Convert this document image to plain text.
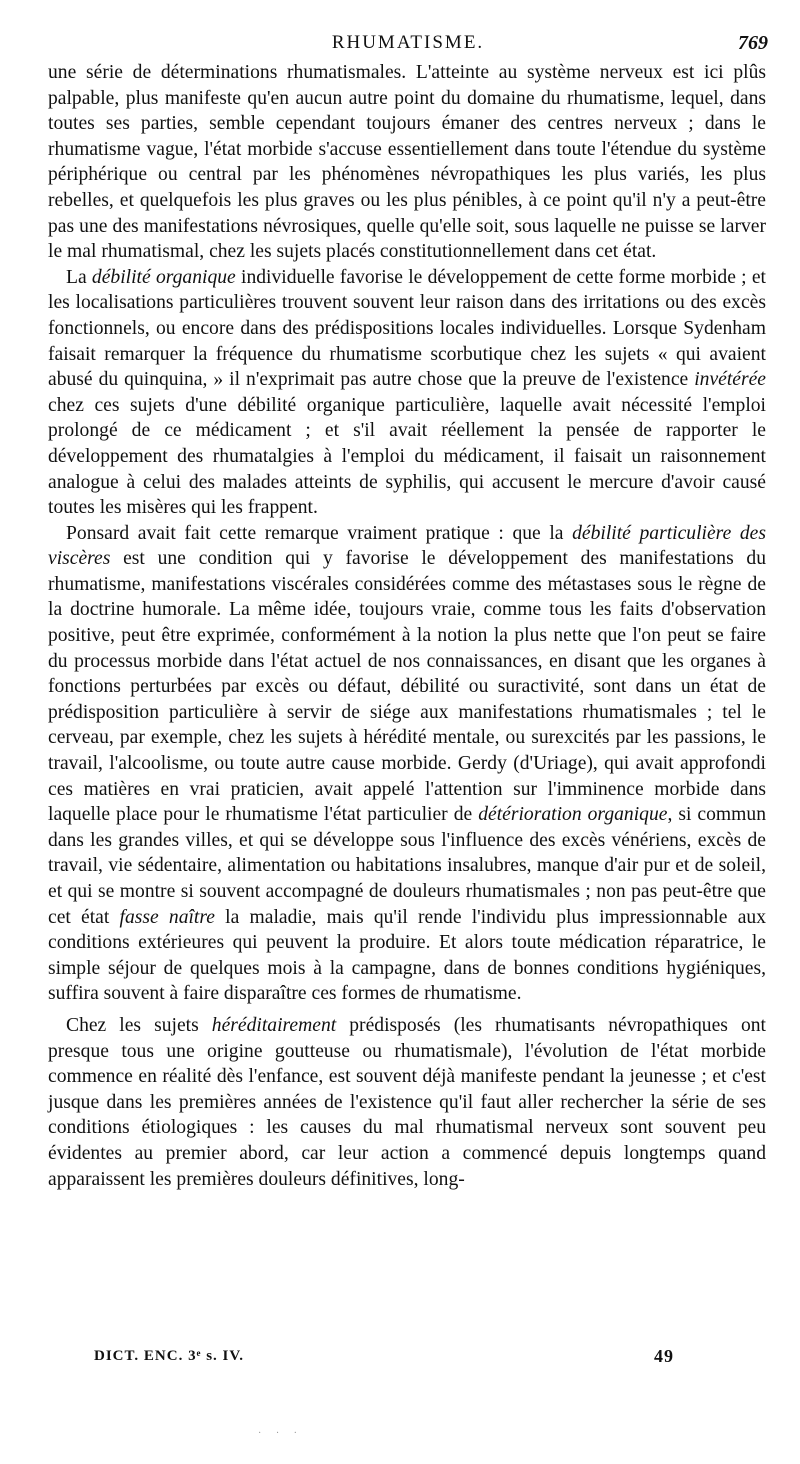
RHUMATISME.	769

une série de déterminations rhumatismales. L'atteinte au système nerveux est ici plûs palpable, plus manifeste qu'en aucun autre point du domaine du rhumatisme, lequel, dans toutes ses parties, semble cependant toujours émaner des centres nerveux ; dans le rhumatisme vague, l'état morbide s'accuse essentiellement dans toute l'étendue du système périphérique ou central par les phénomènes névropathiques les plus variés, les plus rebelles, et quelquefois les plus graves ou les plus pénibles, à ce point qu'il n'y a peut-être pas une des manifestations névrosiques, quelle qu'elle soit, sous laquelle ne puisse se larver le mal rhumatismal, chez les sujets placés constitutionnellement dans cet état.

La débilité organique individuelle favorise le développement de cette forme morbide ; et les localisations particulières trouvent souvent leur raison dans des irritations ou des excès fonctionnels, ou encore dans des prédispositions locales individuelles. Lorsque Sydenham faisait remarquer la fréquence du rhumatisme scorbutique chez les sujets « qui avaient abusé du quinquina, » il n'exprimait pas autre chose que la preuve de l'existence invétérée chez ces sujets d'une débilité organique particulière, laquelle avait nécessité l'emploi prolongé de ce médicament ; et s'il avait réellement la pensée de rapporter le développement des rhumatalgies à l'emploi du médicament, il faisait un raisonnement analogue à celui des malades atteints de syphilis, qui accusent le mercure d'avoir causé toutes les misères qui les frappent.

Ponsard avait fait cette remarque vraiment pratique : que la débilité particulière des viscères est une condition qui y favorise le développement des manifestations du rhumatisme, manifestations viscérales considérées comme des métastases sous le règne de la doctrine humorale. La même idée, toujours vraie, comme tous les faits d'observation positive, peut être exprimée, conformément à la notion la plus nette que l'on peut se faire du processus morbide dans l'état actuel de nos connaissances, en disant que les organes à fonctions perturbées par excès ou défaut, débilité ou suractivité, sont dans un état de prédisposition particulière à servir de siége aux manifestations rhumatismales ; tel le cerveau, par exemple, chez les sujets à hérédité mentale, ou surexcités par les passions, le travail, l'alcoolisme, ou toute autre cause morbide. Gerdy (d'Uriage), qui avait approfondi ces matières en vrai praticien, avait appelé l'attention sur l'imminence morbide dans laquelle place pour le rhumatisme l'état particulier de détérioration organique, si commun dans les grandes villes, et qui se développe sous l'influence des excès vénériens, excès de travail, vie sédentaire, alimentation ou habitations insalubres, manque d'air pur et de soleil, et qui se montre si souvent accompagné de douleurs rhumatismales ; non pas peut-être que cet état fasse naître la maladie, mais qu'il rende l'individu plus impressionnable aux conditions extérieures qui peuvent la produire. Et alors toute médication réparatrice, le simple séjour de quelques mois à la campagne, dans de bonnes conditions hygiéniques, suffira souvent à faire disparaître ces formes de rhumatisme.

Chez les sujets héréditairement prédisposés (les rhumatisants névropathiques ont presque tous une origine goutteuse ou rhumatismale), l'évolution de l'état morbide commence en réalité dès l'enfance, est souvent déjà manifeste pendant la jeunesse ; et c'est jusque dans les premières années de l'existence qu'il faut aller rechercher la série de ses conditions étiologiques : les causes du mal rhumatismal nerveux sont souvent peu évidentes au premier abord, car leur action a commencé depuis longtemps quand apparaissent les premières douleurs définitives, long-

DICT. ENC. 3ᵉ s. IV.	49
· · ·
